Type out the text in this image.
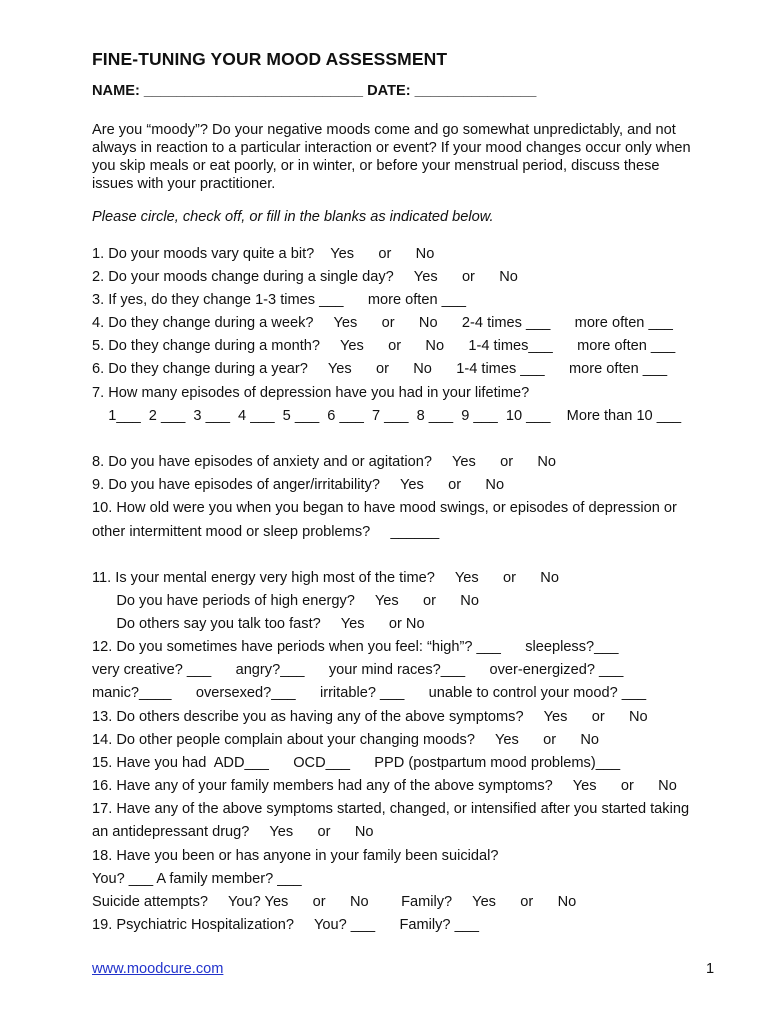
FINE-TUNING YOUR MOOD ASSESSMENT
NAME: ___________________________ DATE: _______________
Are you “moody”? Do your negative moods come and go somewhat unpredictably, and not
always in reaction to a particular interaction or event? If your mood changes occur only when
you skip meals or eat poorly, or in winter, or before your menstrual period, discuss these
issues with your practitioner.
Please circle, check off, or fill in the blanks as indicated below.
1. Do your moods vary quite a bit?    Yes      or      No
2. Do your moods change during a single day?     Yes      or      No
3. If yes, do they change 1-3 times ___      more often ___
4. Do they change during a week?     Yes      or      No      2-4 times ___      more often ___
5. Do they change during a month?     Yes      or      No      1-4 times___      more often ___
6. Do they change during a year?     Yes      or      No      1-4 times ___      more often ___
7. How many episodes of depression have you had in your lifetime?
1___  2 ___  3 ___  4 ___  5 ___  6 ___  7 ___  8 ___  9 ___  10 ___    More than 10 ___
8. Do you have episodes of anxiety and or agitation?     Yes      or      No
9. Do you have episodes of anger/irritability?     Yes      or      No
10. How old were you when you began to have mood swings, or episodes of depression or
other intermittent mood or sleep problems?     ______
11. Is your mental energy very high most of the time?     Yes      or      No
Do you have periods of high energy?     Yes      or      No
Do others say you talk too fast?     Yes      or No
12. Do you sometimes have periods when you feel: “high”? ___      sleepless?___
very creative? ___      angry?___      your mind races?___      over-energized? ___
manic?____      oversexed?___      irritable? ___      unable to control your mood? ___
13. Do others describe you as having any of the above symptoms?     Yes      or      No
14. Do other people complain about your changing moods?     Yes      or      No
15. Have you had  ADD___      OCD___      PPD (postpartum mood problems)___
16. Have any of your family members had any of the above symptoms?     Yes      or      No
17. Have any of the above symptoms started, changed, or intensified after you started taking
an antidepressant drug?     Yes      or      No
18. Have you been or has anyone in your family been suicidal?
You? ___ A family member? ___
Suicide attempts?     You? Yes      or      No        Family?     Yes      or      No
19. Psychiatric Hospitalization?     You? ___      Family? ___
www.moodcure.com	1
